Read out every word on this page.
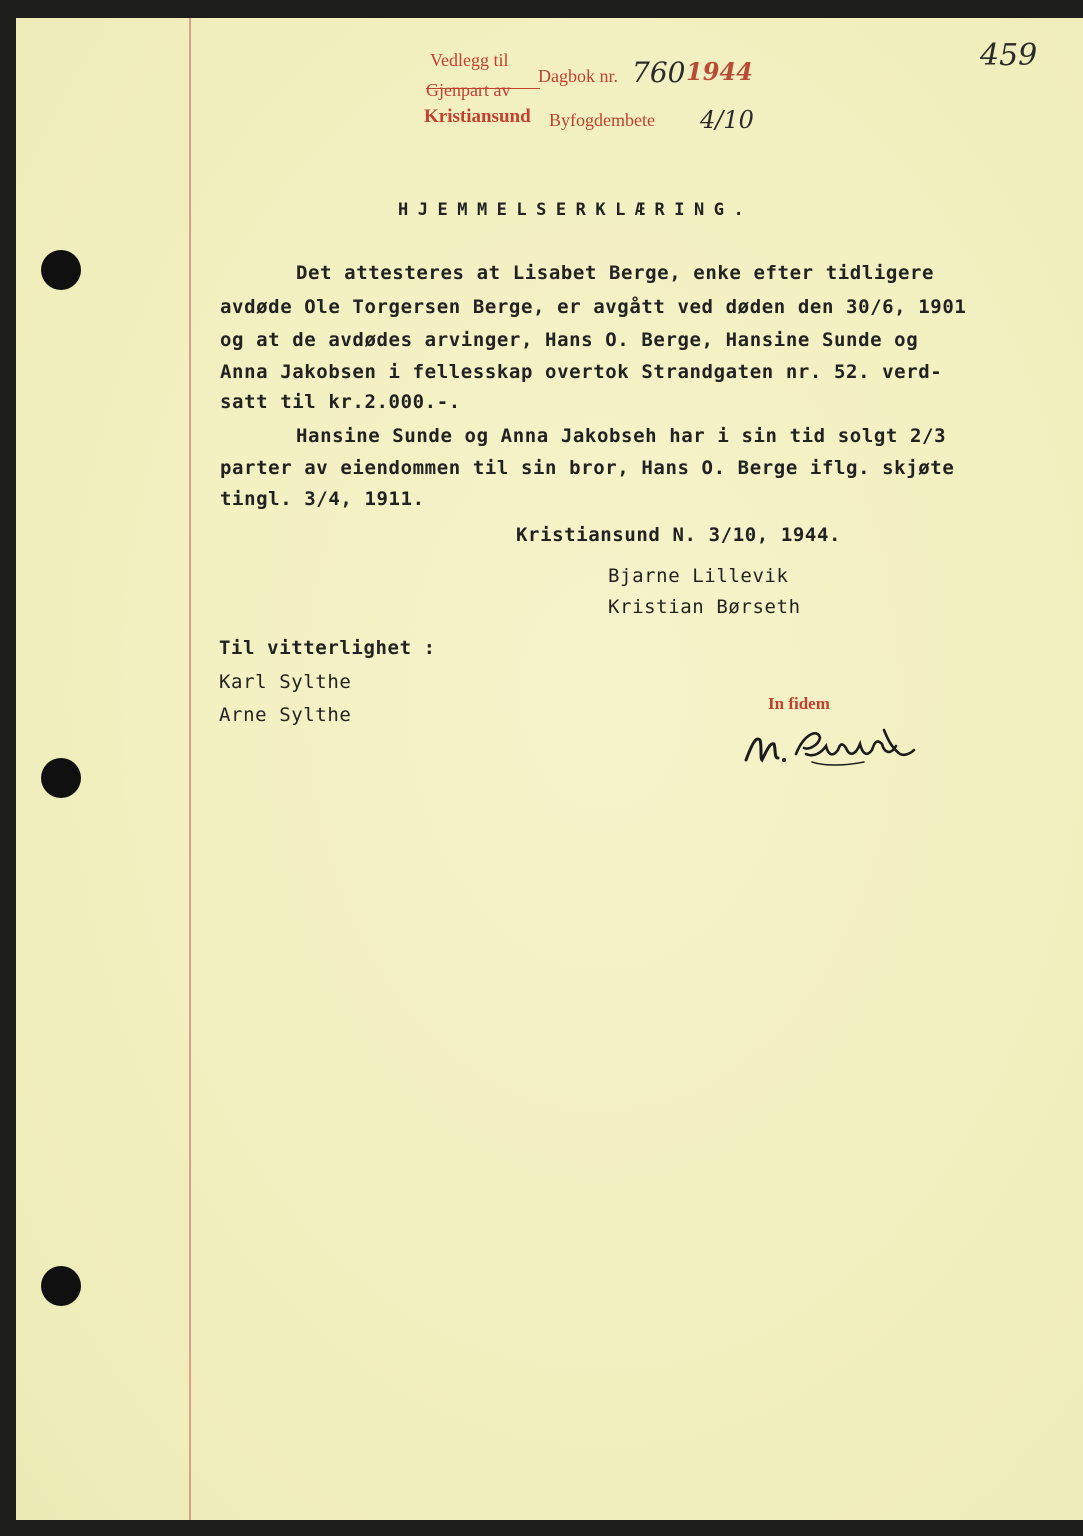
Vedlegg til
Gjenpart av
Dagbok nr.
Kristiansund Byfogdembete
760 1944
4/10
459
HJEMMELSERKLÆRING.
Det attesteres at Lisabet Berge, enke efter tidligere
avdøde Ole Torgersen Berge, er avgått ved døden den 30/6, 1901
og at de avdødes arvinger, Hans O. Berge, Hansine Sunde og
Anna Jakobsen i fellesskap overtok Strandgaten nr. 52. verd-
satt til kr.2.000.-.
Hansine Sunde og Anna Jakobseh har i sin tid solgt 2/3
parter av eiendommen til sin bror, Hans O. Berge iflg. skjøte
tingl. 3/4, 1911.
Kristiansund N. 3/10, 1944.
Bjarne Lillevik
Kristian Børseth
Til vitterlighet :
Karl Sylthe
Arne Sylthe
In fidem
